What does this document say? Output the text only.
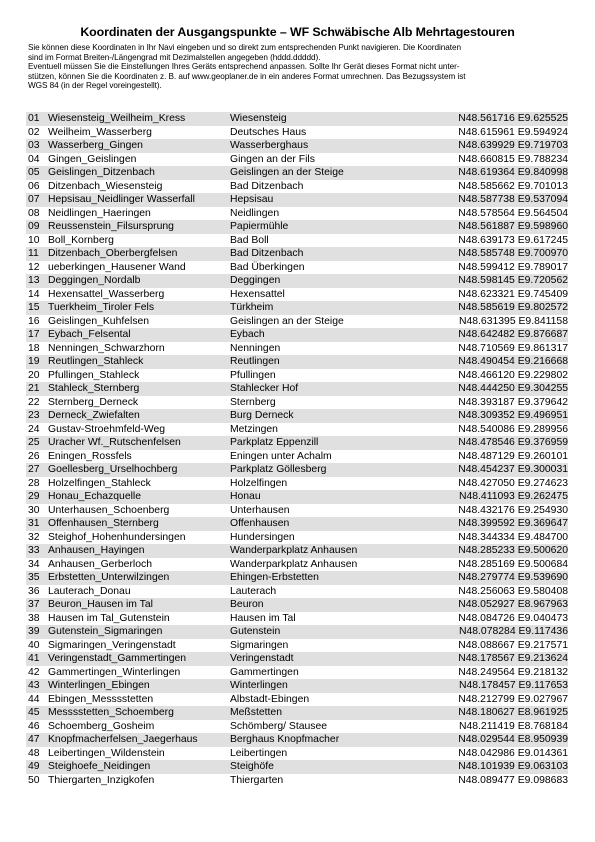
Koordinaten der Ausgangspunkte – WF Schwäbische Alb Mehrtagestouren
Sie können diese Koordinaten in Ihr Navi eingeben und so direkt zum entsprechenden Punkt navigieren. Die Koordinaten
sind im Format Breiten-/Längengrad mit Dezimalstellen angegeben (hddd.ddddd).
Eventuell müssen Sie die Einstellungen Ihres Geräts entsprechend anpassen. Sollte Ihr Gerät dieses Format nicht unter-
stützen, können Sie die Koordinaten z. B. auf www.geoplaner.de in ein anderes Format umrechnen. Das Bezugssystem ist
WGS 84 (in der Regel voreingestellt).
01 Wiesensteig_Weilheim_Kress	Wiesensteig	N48.561716 E9.625525
02 Weilheim_Wasserberg	Deutsches Haus	N48.615961 E9.594924
03 Wasserberg_Gingen	Wasserberghaus	N48.639929 E9.719703
04 Gingen_Geislingen	Gingen an der Fils	N48.660815 E9.788234
05 Geislingen_Ditzenbach	Geislingen an der Steige	N48.619364 E9.840998
06 Ditzenbach_Wiesensteig	Bad Ditzenbach	N48.585662 E9.701013
07 Hepsisau_Neidlinger Wasserfall	Hepsisau	N48.587738 E9.537094
08 Neidlingen_Haeringen	Neidlingen	N48.578564 E9.564504
09 Reussenstein_Filsursprung	Papiermühle	N48.561887 E9.598960
10 Boll_Kornberg	Bad Boll	N48.639173 E9.617245
11 Ditzenbach_Oberbergfelsen	Bad Ditzenbach	N48.585748 E9.700970
12 ueberkingen_Hausener Wand	Bad Überkingen	N48.599412 E9.789017
13 Deggingen_Nordalb	Deggingen	N48.598145 E9.720562
14 Hexensattel_Wasserberg	Hexensattel	N48.623321 E9.745409
15 Tuerkheim_Tiroler Fels	Türkheim	N48.585619 E9.802572
16 Geislingen_Kuhfelsen	Geislingen an der Steige	N48.631395 E9.841158
17 Eybach_Felsental	Eybach	N48.642482 E9.876687
18 Nenningen_Schwarzhorn	Nenningen	N48.710569 E9.861317
19 Reutlingen_Stahleck	Reutlingen	N48.490454 E9.216668
20 Pfullingen_Stahleck	Pfullingen	N48.466120 E9.229802
21 Stahleck_Sternberg	Stahlecker Hof	N48.444250 E9.304255
22 Sternberg_Derneck	Sternberg	N48.393187 E9.379642
23 Derneck_Zwiefalten	Burg Derneck	N48.309352 E9.496951
24 Gustav-Stroehmfeld-Weg	Metzingen	N48.540086 E9.289956
25 Uracher Wf._Rutschenfelsen	Parkplatz Eppenzill	N48.478546 E9.376959
26 Eningen_Rossfels	Eningen unter Achalm	N48.487129 E9.260101
27 Goellesberg_Urselhochberg	Parkplatz Göllesberg	N48.454237 E9.300031
28 Holzelfingen_Stahleck	Holzelfingen	N48.427050 E9.274623
29 Honau_Echazquelle	Honau	N48.411093 E9.262475
30 Unterhausen_Schoenberg	Unterhausen	N48.432176 E9.254930
31 Offenhausen_Sternberg	Offenhausen	N48.399592 E9.369647
32 Steighof_Hohenhundersingen	Hundersingen	N48.344334 E9.484700
33 Anhausen_Hayingen	Wanderparkplatz Anhausen	N48.285233 E9.500620
34 Anhausen_Gerberloch	Wanderparkplatz Anhausen	N48.285169 E9.500684
35 Erbstetten_Unterwilzingen	Ehingen-Erbstetten	N48.279774 E9.539690
36 Lauterach_Donau	Lauterach	N48.256063 E9.580408
37 Beuron_Hausen im Tal	Beuron	N48.052927 E8.967963
38 Hausen im Tal_Gutenstein	Hausen im Tal	N48.084726 E9.040473
39 Gutenstein_Sigmaringen	Gutenstein	N48.078284 E9.117436
40 Sigmaringen_Veringenstadt	Sigmaringen	N48.088667 E9.217571
41 Veringenstadt_Gammertingen	Veringenstadt	N48.178567 E9.213624
42 Gammertingen_Winterlingen	Gammertingen	N48.249564 E9.218132
43 Winterlingen_Ebingen	Winterlingen	N48.178457 E9.117653
44 Ebingen_Messsstetten	Albstadt-Ebingen	N48.212799 E9.027967
45 Messsstetten_Schoemberg	Meßstetten	N48.180627 E8.961925
46 Schoemberg_Gosheim	Schömberg/ Stausee	N48.211419 E8.768184
47 Knopfmacherfelsen_Jaegerhaus	Berghaus Knopfmacher	N48.029544 E8.950939
48 Leibertingen_Wildenstein	Leibertingen	N48.042986 E9.014361
49 Steighoefe_Neidingen	Steighöfe	N48.101939 E9.063103
50 Thiergarten_Inzigkofen	Thiergarten	N48.089477 E9.098683
